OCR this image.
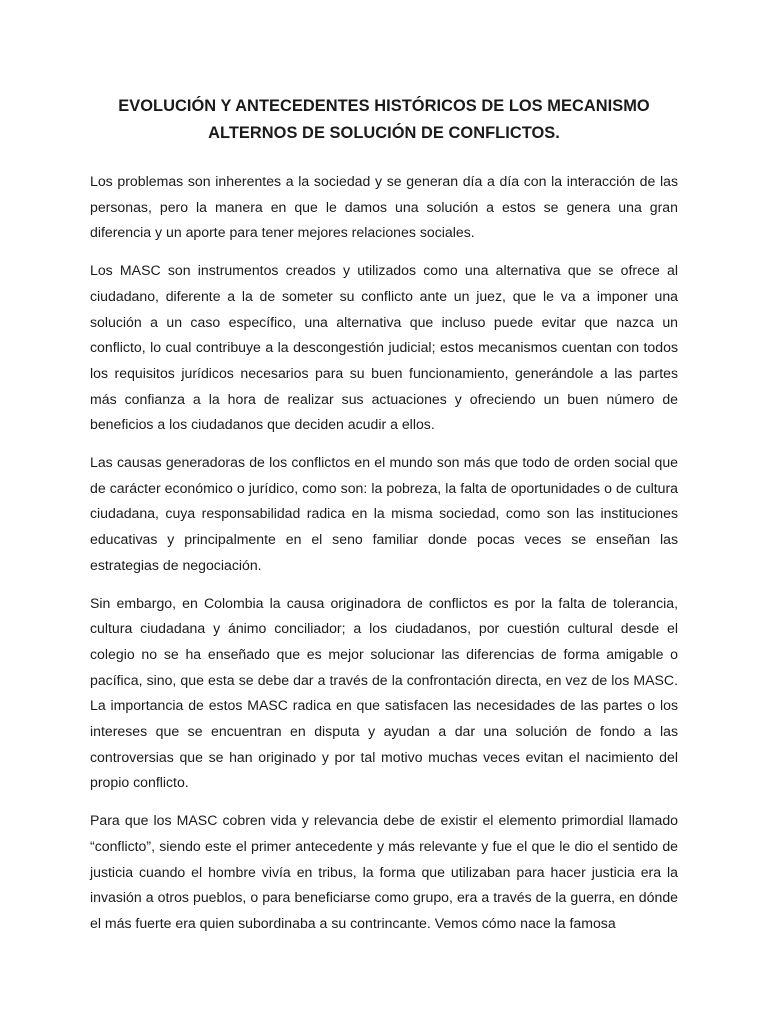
EVOLUCIÓN Y ANTECEDENTES HISTÓRICOS DE LOS MECANISMO
ALTERNOS DE SOLUCIÓN DE CONFLICTOS.

Los problemas son inherentes a la sociedad y se generan día a día con la interacción de las personas, pero la manera en que le damos una solución a estos se genera una gran diferencia y un aporte para tener mejores relaciones sociales.

Los MASC son instrumentos creados y utilizados como una alternativa que se ofrece al ciudadano, diferente a la de someter su conflicto ante un juez, que le va a imponer una solución a un caso específico, una alternativa que incluso puede evitar que nazca un conflicto, lo cual contribuye a la descongestión judicial; estos mecanismos cuentan con todos los requisitos jurídicos necesarios para su buen funcionamiento, generándole a las partes más confianza a la hora de realizar sus actuaciones y ofreciendo un buen número de beneficios a los ciudadanos que deciden acudir a ellos.

Las causas generadoras de los conflictos en el mundo son más que todo de orden social que de carácter económico o jurídico, como son: la pobreza, la falta de oportunidades o de cultura ciudadana, cuya responsabilidad radica en la misma sociedad, como son las instituciones educativas y principalmente en el seno familiar donde pocas veces se enseñan las estrategias de negociación.

Sin embargo, en Colombia la causa originadora de conflictos es por la falta de tolerancia, cultura ciudadana y ánimo conciliador; a los ciudadanos, por cuestión cultural desde el colegio no se ha enseñado que es mejor solucionar las diferencias de forma amigable o pacífica, sino, que esta se debe dar a través de la confrontación directa, en vez de los MASC. La importancia de estos MASC radica en que satisfacen las necesidades de las partes o los intereses que se encuentran en disputa y ayudan a dar una solución de fondo a las controversias que se han originado y por tal motivo muchas veces evitan el nacimiento del propio conflicto.

Para que los MASC cobren vida y relevancia debe de existir el elemento primordial llamado “conflicto”, siendo este el primer antecedente y más relevante y fue el que le dio el sentido de justicia cuando el hombre vivía en tribus, la forma que utilizaban para hacer justicia era la invasión a otros pueblos, o para beneficiarse como grupo, era a través de la guerra, en dónde el más fuerte era quien subordinaba a su contrincante. Vemos cómo nace la famosa
